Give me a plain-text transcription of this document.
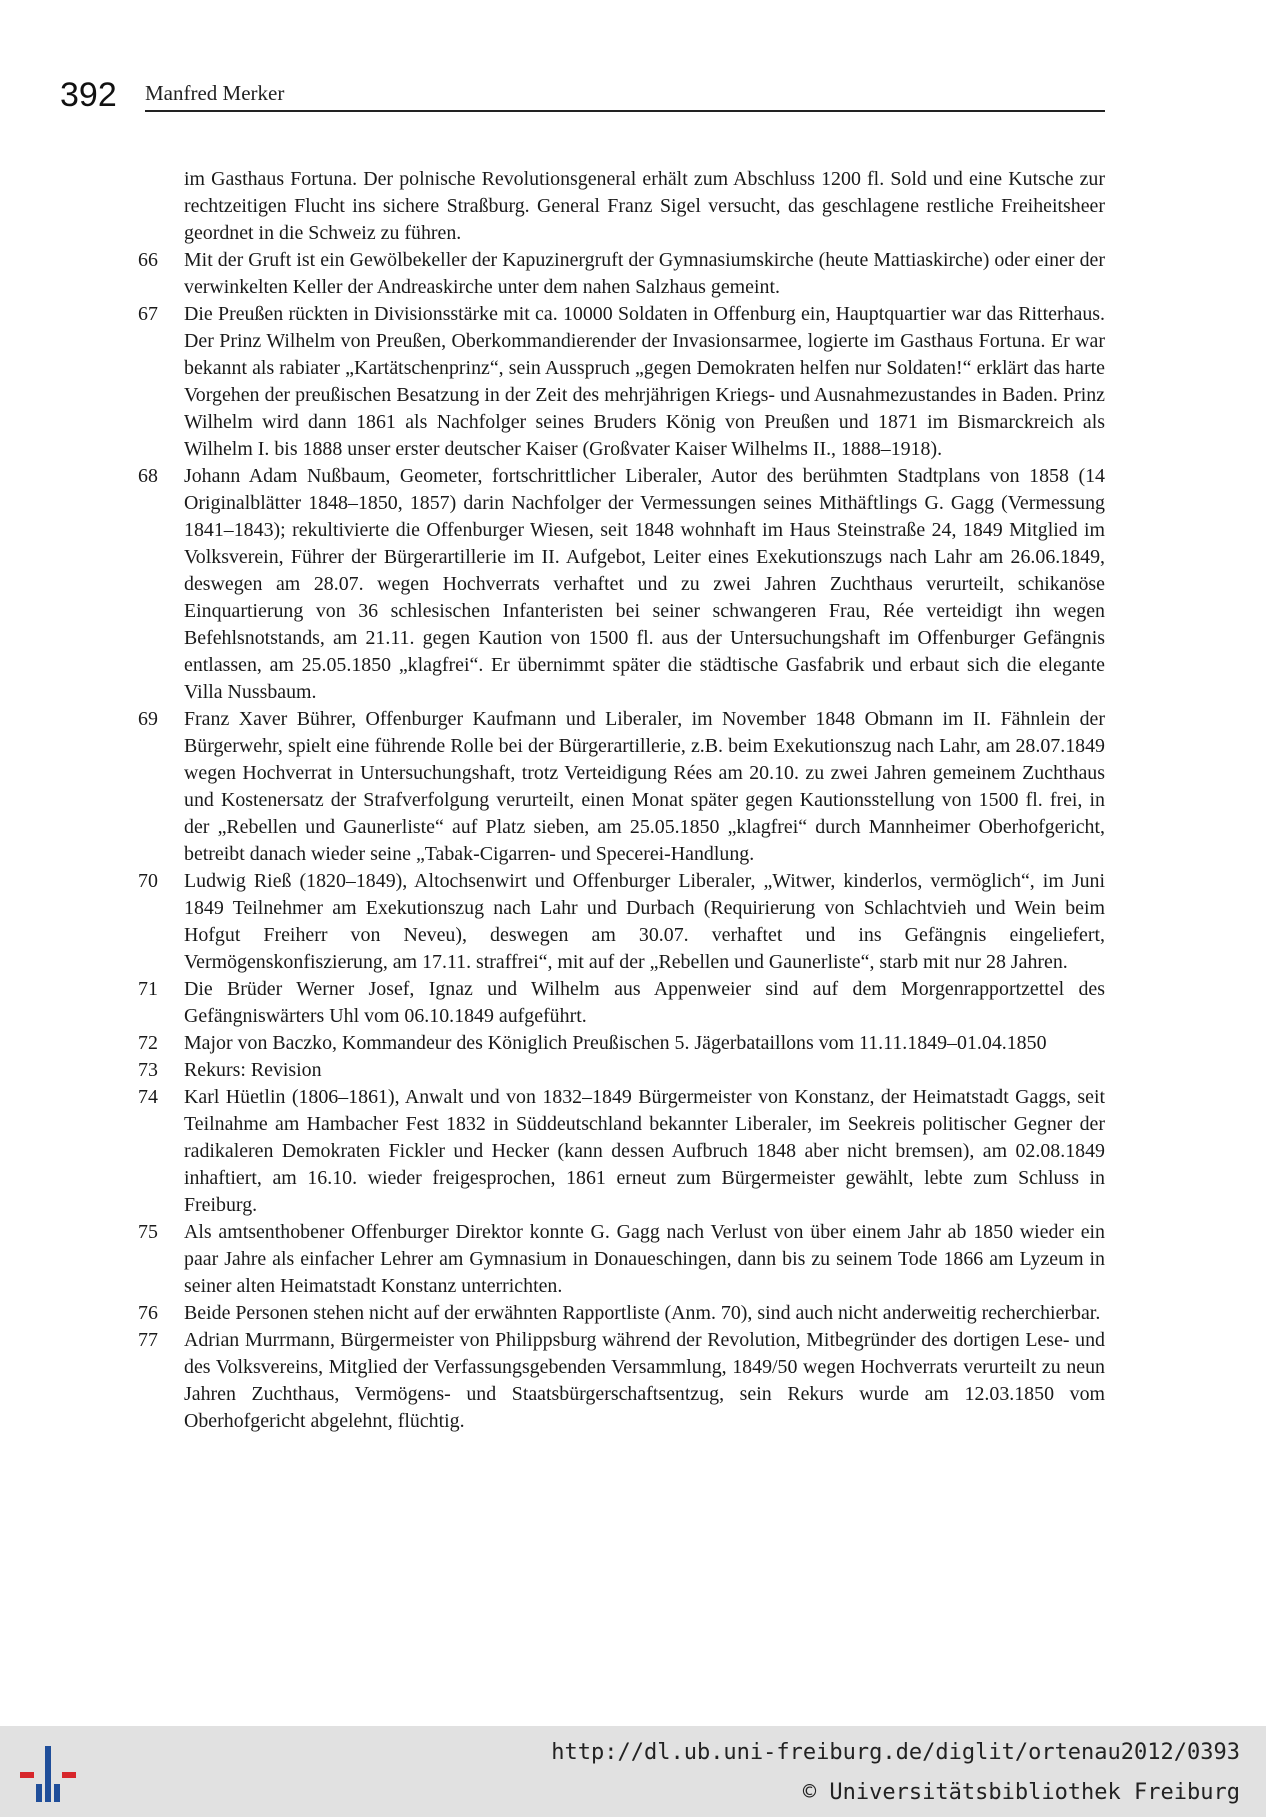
392 Manfred Merker
im Gasthaus Fortuna. Der polnische Revolutionsgeneral erhält zum Abschluss 1200 fl. Sold und eine Kutsche zur rechtzeitigen Flucht ins sichere Straßburg. General Franz Sigel versucht, das geschlagene restliche Freiheitsheer geordnet in die Schweiz zu führen.
66	Mit der Gruft ist ein Gewölbekeller der Kapuzinergruft der Gymnasiumskirche (heute Mattiaskirche) oder einer der verwinkelten Keller der Andreaskirche unter dem nahen Salzhaus gemeint.
67	Die Preußen rückten in Divisionsstärke mit ca. 10000 Soldaten in Offenburg ein, Hauptquartier war das Ritterhaus. Der Prinz Wilhelm von Preußen, Oberkommandierender der Invasionsarmee, logierte im Gasthaus Fortuna. Er war bekannt als rabiater „Kartätschenprinz“, sein Ausspruch „gegen Demokraten helfen nur Soldaten!“ erklärt das harte Vorgehen der preußischen Besatzung in der Zeit des mehrjährigen Kriegs- und Ausnahmezustandes in Baden. Prinz Wilhelm wird dann 1861 als Nachfolger seines Bruders König von Preußen und 1871 im Bismarckreich als Wilhelm I. bis 1888 unser erster deutscher Kaiser (Großvater Kaiser Wilhelms II., 1888–1918).
68	Johann Adam Nußbaum, Geometer, fortschrittlicher Liberaler, Autor des berühmten Stadtplans von 1858 (14 Originalblätter 1848–1850, 1857) darin Nachfolger der Vermessungen seines Mithäftlings G. Gagg (Vermessung 1841–1843); rekultivierte die Offenburger Wiesen, seit 1848 wohnhaft im Haus Steinstraße 24, 1849 Mitglied im Volksverein, Führer der Bürgerartillerie im II. Aufgebot, Leiter eines Exekutionszugs nach Lahr am 26.06.1849, deswegen am 28.07. wegen Hochverrats verhaftet und zu zwei Jahren Zuchthaus verurteilt, schikanöse Einquartierung von 36 schlesischen Infanteristen bei seiner schwangeren Frau, Rée verteidigt ihn wegen Befehlsnotstands, am 21.11. gegen Kaution von 1500 fl. aus der Untersuchungshaft im Offenburger Gefängnis entlassen, am 25.05.1850 „klagfrei“. Er übernimmt später die städtische Gasfabrik und erbaut sich die elegante Villa Nussbaum.
69	Franz Xaver Bührer, Offenburger Kaufmann und Liberaler, im November 1848 Obmann im II. Fähnlein der Bürgerwehr, spielt eine führende Rolle bei der Bürgerartillerie, z.B. beim Exekutionszug nach Lahr, am 28.07.1849 wegen Hochverrat in Untersuchungshaft, trotz Verteidigung Rées am 20.10. zu zwei Jahren gemeinem Zuchthaus und Kostenersatz der Strafverfolgung verurteilt, einen Monat später gegen Kautionsstellung von 1500 fl. frei, in der „Rebellen und Gaunerliste“ auf Platz sieben, am 25.05.1850 „klagfrei“ durch Mannheimer Oberhofgericht, betreibt danach wieder seine „Tabak-Cigarren- und Specerei-Handlung.
70	Ludwig Rieß (1820–1849), Altochsenwirt und Offenburger Liberaler, „Witwer, kinderlos, vermöglich“, im Juni 1849 Teilnehmer am Exekutionszug nach Lahr und Durbach (Requirierung von Schlachtvieh und Wein beim Hofgut Freiherr von Neveu), deswegen am 30.07. verhaftet und ins Gefängnis eingeliefert, Vermögenskonfiszierung, am 17.11. straffrei“, mit auf der „Rebellen und Gaunerliste“, starb mit nur 28 Jahren.
71	Die Brüder Werner Josef, Ignaz und Wilhelm aus Appenweier sind auf dem Morgenrapportzettel des Gefängniswärters Uhl vom 06.10.1849 aufgeführt.
72	Major von Baczko, Kommandeur des Königlich Preußischen 5. Jägerbataillons vom 11.11.1849–01.04.1850
73	Rekurs: Revision
74	Karl Hüetlin (1806–1861), Anwalt und von 1832–1849 Bürgermeister von Konstanz, der Heimatstadt Gaggs, seit Teilnahme am Hambacher Fest 1832 in Süddeutschland bekannter Liberaler, im Seekreis politischer Gegner der radikaleren Demokraten Fickler und Hecker (kann dessen Aufbruch 1848 aber nicht bremsen), am 02.08.1849 inhaftiert, am 16.10. wieder freigesprochen, 1861 erneut zum Bürgermeister gewählt, lebte zum Schluss in Freiburg.
75	Als amtsenthobener Offenburger Direktor konnte G. Gagg nach Verlust von über einem Jahr ab 1850 wieder ein paar Jahre als einfacher Lehrer am Gymnasium in Donaueschingen, dann bis zu seinem Tode 1866 am Lyzeum in seiner alten Heimatstadt Konstanz unterrichten.
76	Beide Personen stehen nicht auf der erwähnten Rapportliste (Anm. 70), sind auch nicht anderweitig recherchierbar.
77	Adrian Murrmann, Bürgermeister von Philippsburg während der Revolution, Mitbegründer des dortigen Lese- und des Volksvereins, Mitglied der Verfassungsgebenden Versammlung, 1849/50 wegen Hochverrats verurteilt zu neun Jahren Zuchthaus, Vermögens- und Staatsbürgerschaftsentzug, sein Rekurs wurde am 12.03.1850 vom Oberhofgericht abgelehnt, flüchtig.
http://dl.ub.uni-freiburg.de/diglit/ortenau2012/0393
© Universitätsbibliothek Freiburg
